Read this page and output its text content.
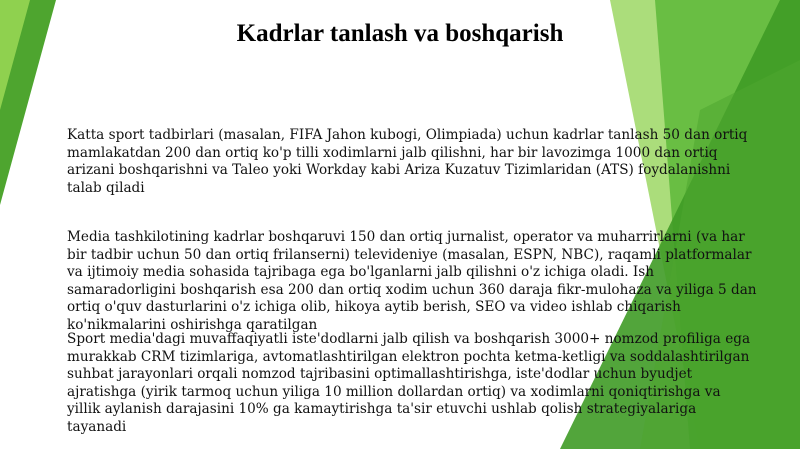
Kadrlar tanlash va boshqarish

Katta sport tadbirlari (masalan, FIFA Jahon kubogi, Olimpiada) uchun kadrlar tanlash 50 dan ortiq mamlakatdan 200 dan ortiq ko'p tilli xodimlarni jalb qilishni, har bir lavozimga 1000 dan ortiq arizani boshqarishni va Taleo yoki Workday kabi Ariza Kuzatuv Tizimlaridan (ATS) foydalanishni talab qiladi

Media tashkilotining kadrlar boshqaruvi 150 dan ortiq jurnalist, operator va muharrirlarni (va har bir tadbir uchun 50 dan ortiq frilanserni) televideniye (masalan, ESPN, NBC), raqamli platformalar va ijtimoiy media sohasida tajribaga ega bo'lganlarni jalb qilishni o'z ichiga oladi. Ish samaradorligini boshqarish esa 200 dan ortiq xodim uchun 360 daraja fikr-mulohaza va yiliga 5 dan ortiq o'quv dasturlarini o'z ichiga olib, hikoya aytib berish, SEO va video ishlab chiqarish ko'nikmalarini oshirishga qaratilgan

Sport media'dagi muvaffaqiyatli iste'dodlarni jalb qilish va boshqarish 3000+ nomzod profiliga ega murakkab CRM tizimlariga, avtomatlashtirilgan elektron pochta ketma-ketligi va soddalashtirilgan suhbat jarayonlari orqali nomzod tajribasini optimallashtirishga, iste'dodlar uchun byudjet ajratishga (yirik tarmoq uchun yiliga 10 million dollardan ortiq) va xodimlarni qoniqtirishga va yillik aylanish darajasini 10% ga kamaytirishga ta'sir etuvchi ushlab qolish strategiyalariga tayanadi
